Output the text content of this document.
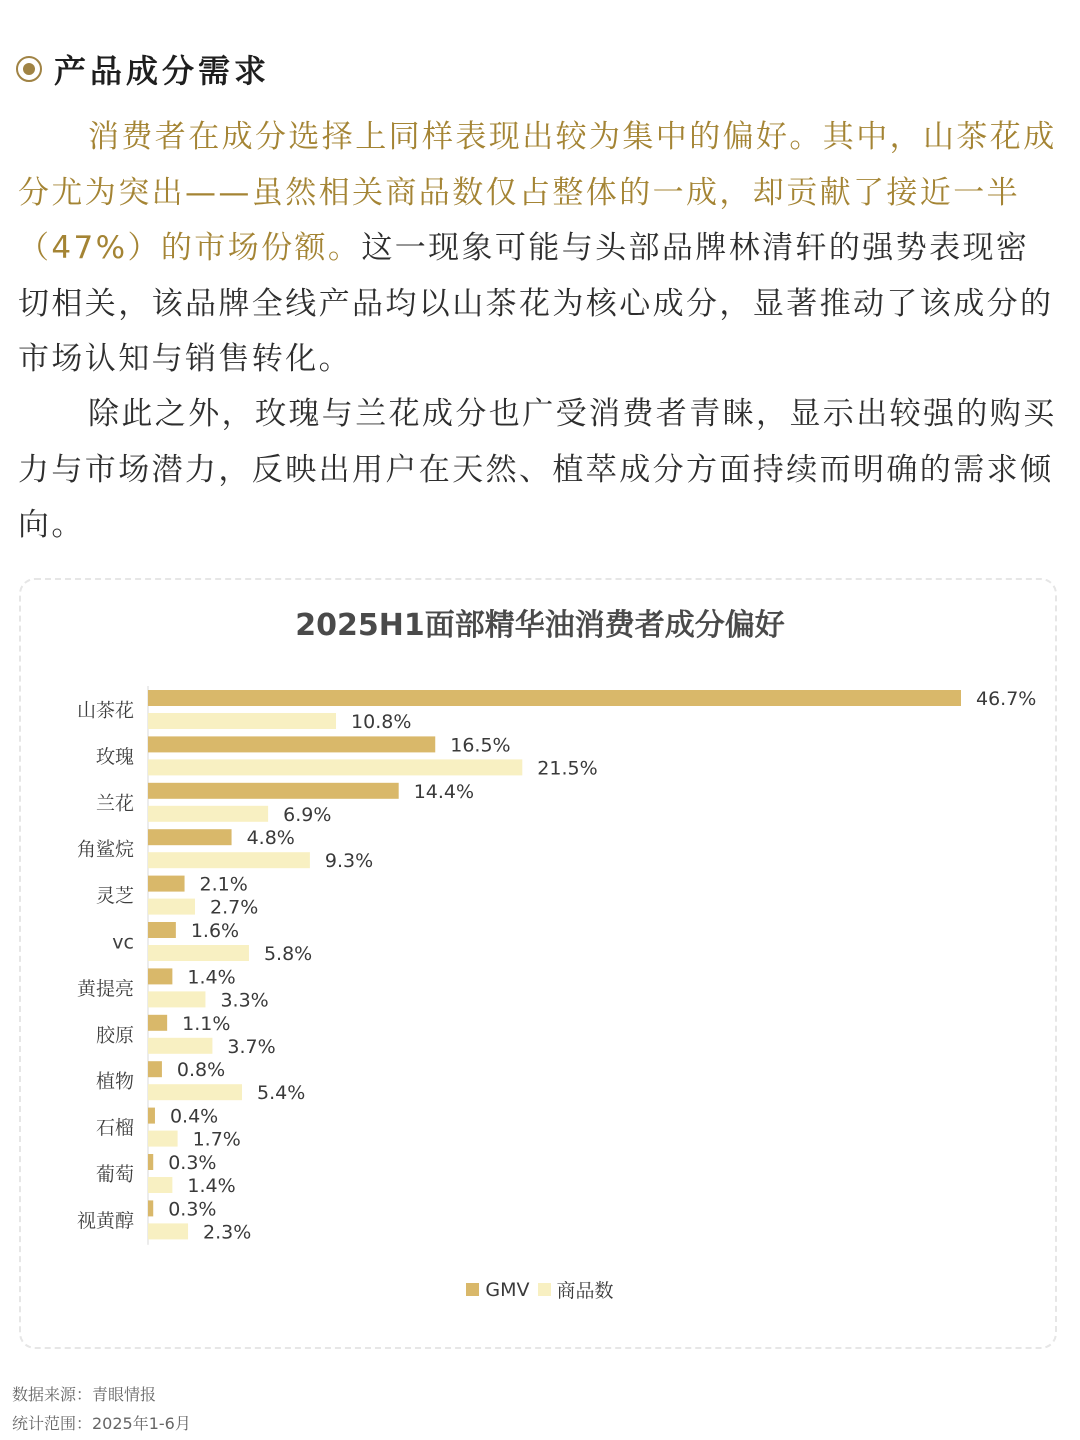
产品成分需求

消费者在成分选择上同样表现出较为集中的偏好。其中，山茶花成分尤为突出——虽然相关商品数仅占整体的一成，却贡献了接近一半（47%）的市场份额。这一现象可能与头部品牌林清轩的强势表现密切相关，该品牌全线产品均以山茶花为核心成分，显著推动了该成分的市场认知与销售转化。

除此之外，玫瑰与兰花成分也广受消费者青睐，显示出较强的购买力与市场潜力，反映出用户在天然、植萃成分方面持续而明确的需求倾向。

2025H1面部精华油消费者成分偏好
山茶花
46.7%
10.8%
玫瑰
16.5%
21.5%
兰花
14.4%
6.9%
角鲨烷
4.8%
9.3%
灵芝
2.1%
2.7%
vc
1.6%
5.8%
黄提亮
1.4%
3.3%
胶原
1.1%
3.7%
植物
0.8%
5.4%
石榴
0.4%
1.7%
葡萄
0.3%
1.4%
视黄醇
0.3%
2.3%
GMV 商品数
数据来源：青眼情报
统计范围：2025年1-6月
